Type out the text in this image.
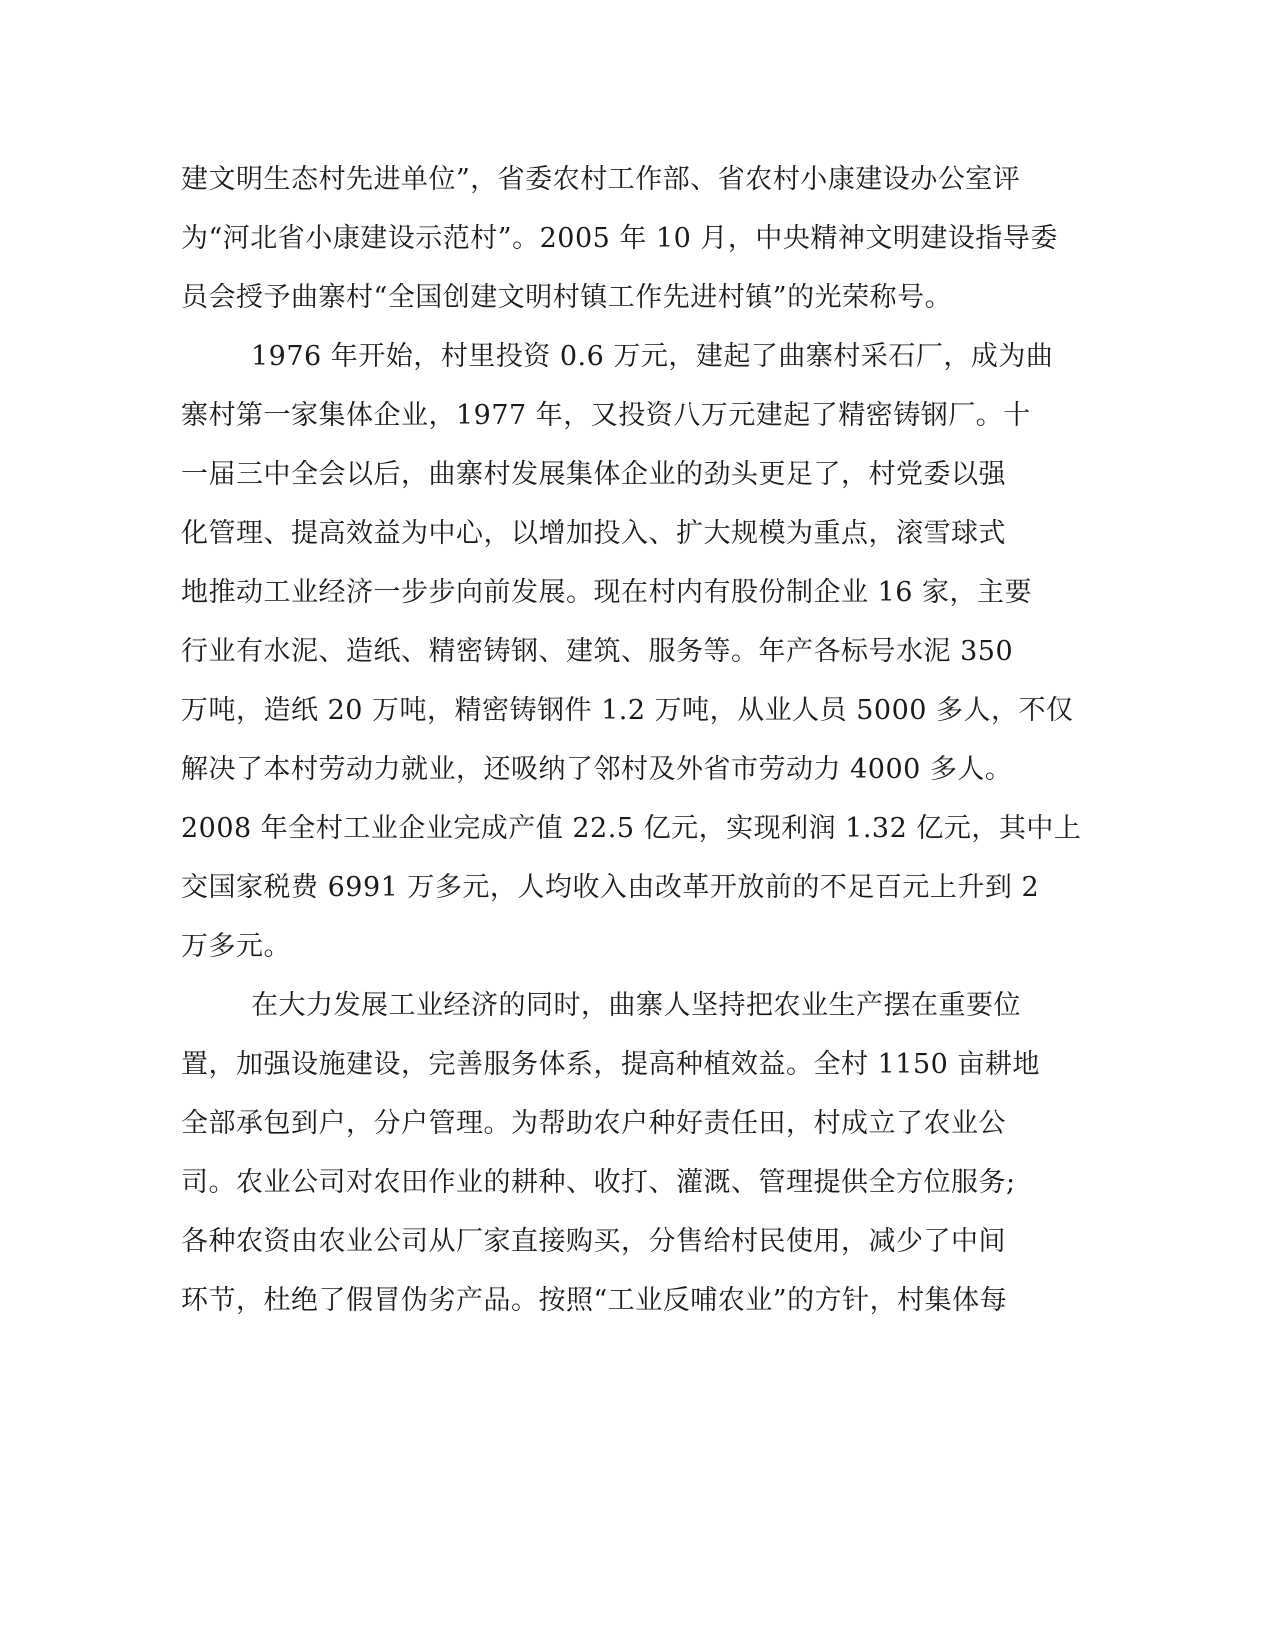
建文明生态村先进单位”，省委农村工作部、省农村小康建设办公室评
为“河北省小康建设示范村”。2005 年 10 月，中央精神文明建设指导委
员会授予曲寨村“全国创建文明村镇工作先进村镇”的光荣称号。
1976 年开始，村里投资 0.6 万元，建起了曲寨村采石厂，成为曲
寨村第一家集体企业，1977 年，又投资八万元建起了精密铸钢厂。十
一届三中全会以后，曲寨村发展集体企业的劲头更足了，村党委以强
化管理、提高效益为中心，以增加投入、扩大规模为重点，滚雪球式
地推动工业经济一步步向前发展。现在村内有股份制企业 16 家，主要
行业有水泥、造纸、精密铸钢、建筑、服务等。年产各标号水泥 350
万吨，造纸 20 万吨，精密铸钢件 1.2 万吨，从业人员 5000 多人，不仅
解决了本村劳动力就业，还吸纳了邻村及外省市劳动力 4000 多人。
2008 年全村工业企业完成产值 22.5 亿元，实现利润 1.32 亿元，其中上
交国家税费 6991 万多元，人均收入由改革开放前的不足百元上升到 2
万多元。
在大力发展工业经济的同时，曲寨人坚持把农业生产摆在重要位
置，加强设施建设，完善服务体系，提高种植效益。全村 1150 亩耕地
全部承包到户，分户管理。为帮助农户种好责任田，村成立了农业公
司。农业公司对农田作业的耕种、收打、灌溉、管理提供全方位服务;
各种农资由农业公司从厂家直接购买，分售给村民使用，减少了中间
环节，杜绝了假冒伪劣产品。按照“工业反哺农业”的方针，村集体每
